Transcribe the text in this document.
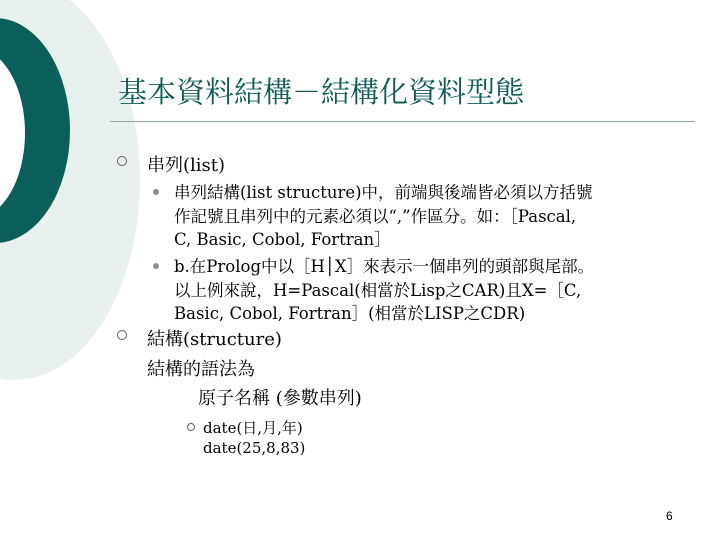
基本資料結構－結構化資料型態
串列(list)
串列結構(list structure)中，前端與後端皆必須以方括號
作記號且串列中的元素必須以“,”作區分。如：［Pascal,
C, Basic, Cobol, Fortran］
b.在Prolog中以［H│X］來表示一個串列的頭部與尾部。
以上例來說，H=Pascal(相當於Lisp之CAR)且X=［C,
Basic, Cobol, Fortran］(相當於LISP之CDR)
結構(structure)
結構的語法為
原子名稱 (參數串列)
date(日,月,年)
date(25,8,83)
6
